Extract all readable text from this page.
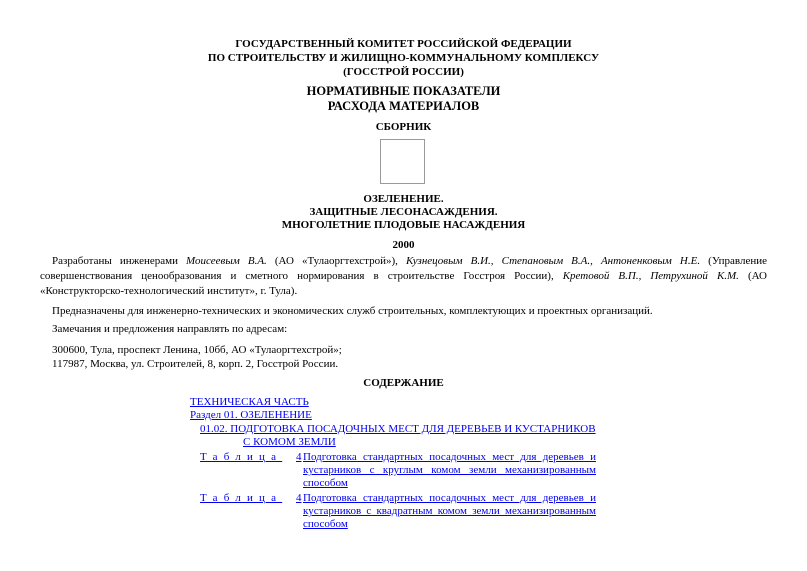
ГОСУДАРСТВЕННЫЙ КОМИТЕТ РОССИЙСКОЙ ФЕДЕРАЦИИ
ПО СТРОИТЕЛЬСТВУ И ЖИЛИЩНО-КОММУНАЛЬНОМУ КОМПЛЕКСУ
(ГОССТРОЙ РОССИИ)
НОРМАТИВНЫЕ ПОКАЗАТЕЛИ
РАСХОДА МАТЕРИАЛОВ
СБОРНИК
ОЗЕЛЕНЕНИЕ.
ЗАЩИТНЫЕ ЛЕСОНАСАЖДЕНИЯ.
МНОГОЛЕТНИЕ ПЛОДОВЫЕ НАСАЖДЕНИЯ
2000
Разработаны инженерами Моисеевым В.А. (АО «Тулаоргтехстрой»), Кузнецовым В.И., Степановым В.А., Антоненковым Н.Е. (Управление совершенствования ценообразования и сметного нормирования в строительстве Госстроя России), Кретовой В.П., Петрухиной К.М. (АО «Конструкторско-технологический институт», г. Тула).
Предназначены для инженерно-технических и экономических служб строительных, комплектующих и проектных организаций.
Замечания и предложения направлять по адресам:
300600, Тула, проспект Ленина, 10бб, АО «Тулаоргтехстрой»;
117987, Москва, ул. Строителей, 8, корп. 2, Госстрой России.
СОДЕРЖАНИЕ
ТЕХНИЧЕСКАЯ ЧАСТЬ
Раздел 01. ОЗЕЛЕНЕНИЕ
01.02. ПОДГОТОВКА ПОСАДОЧНЫХ МЕСТ ДЛЯ ДЕРЕВЬЕВ И КУСТАРНИКОВ
С КОМОМ ЗЕМЛИ
Таблица 4 Подготовка стандартных посадочных мест для деревьев и кустарников с круглым комом земли механизированным способом
Таблица 4 Подготовка стандартных посадочных мест для деревьев и кустарников с квадратным комом земли механизированным способом
